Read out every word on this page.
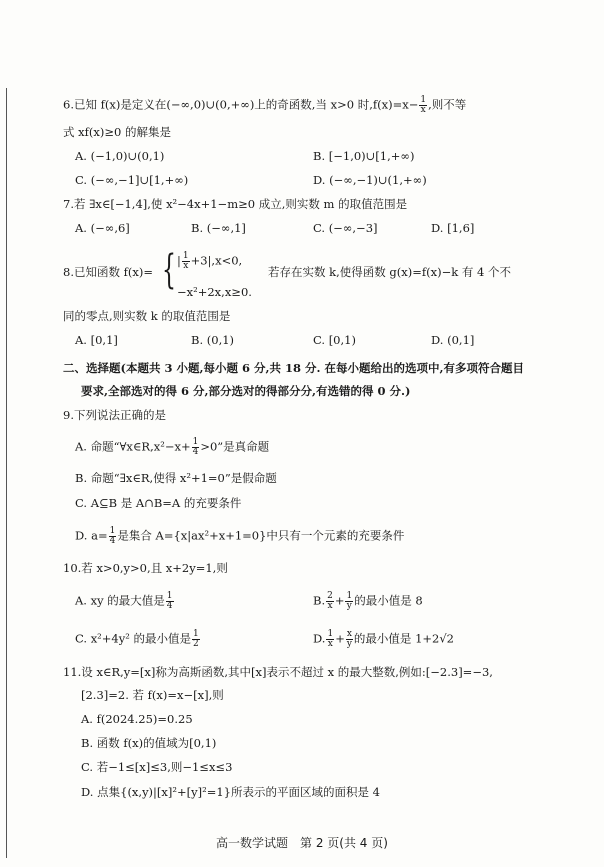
6.已知 f(x)是定义在(−∞,0)∪(0,+∞)上的奇函数,当 x>0 时$,f(x)=x- \frac{1}{x}$ ,则不等
式 xf(x)≥0 的解集是
A. (−1,0)∪(0,1)	B. [−1,0)∪[1,+∞)
C. (−∞,−1]∪[1,+∞)	D. (−∞,−1)∪(1,+∞)
7.若 ∃x∈[−1,4],使 x²−4x+1−m≥0 成立,则实数 m 的取值范围是
A. (−∞,6]	B. (−∞,1]	C. (−∞,−3]	D. [1,6]
8.已知函数 f(x)= { | $\frac{1}{x} +3|,x<0$,
−x²+2x,x≥0.
若存在实数 k,使得函数 g(x)=f(x)−k 有 4 个不
同的零点,则实数 k 的取值范围是
A. [0,1]	B. (0,1)	C. [0,1)	D. (0,1]
二、选择题(本题共 3 小题,每小题 6 分,共 18 分. 在每小题给出的选项中,有多项符合题目
要求,全部选对的得 6 分,部分选对的得部分分,有选错的得 0 分.)
9.下列说法正确的是
A. 命题“∀x∈R,x²−x+ $\frac{1}{4} >0$”是真命题
B. 命题“∃x∈R,使得 x²+1=0”是假命题
C. A⊆B 是 A∩B=A 的充要条件
D. $a= \frac{1}{4}$ 是集合 A={x|ax²+x+1=0}中只有一个元素的充要条件
10.若 x>0,y>0,且 x+2y=1,则
A. xy 的最大值是 $\frac{1}{4}$	B. $\frac{2}{x} + \frac{1}{y}$ 的最小值是 8
C. x²+4y² 的最小值是 $\frac{1}{2}$	D. $\frac{1}{x} + \frac{x}{y}$ 的最小值是 1+2√2
11.设 x∈R,y=[x]称为高斯函数,其中[x]表示不超过 x 的最大整数,例如:[−2.3]=−3,
[2.3]=2. 若 f(x)=x−[x],则
A. f(2024.25)=0.25
B. 函数 f(x)的值域为[0,1)
C. 若−1≤[x]≤3,则−1≤x≤3
D. 点集{(x,y)|[x]²+[y]²=1}所表示的平面区域的面积是 4
高一数学试题　第 2 页(共 4 页)
